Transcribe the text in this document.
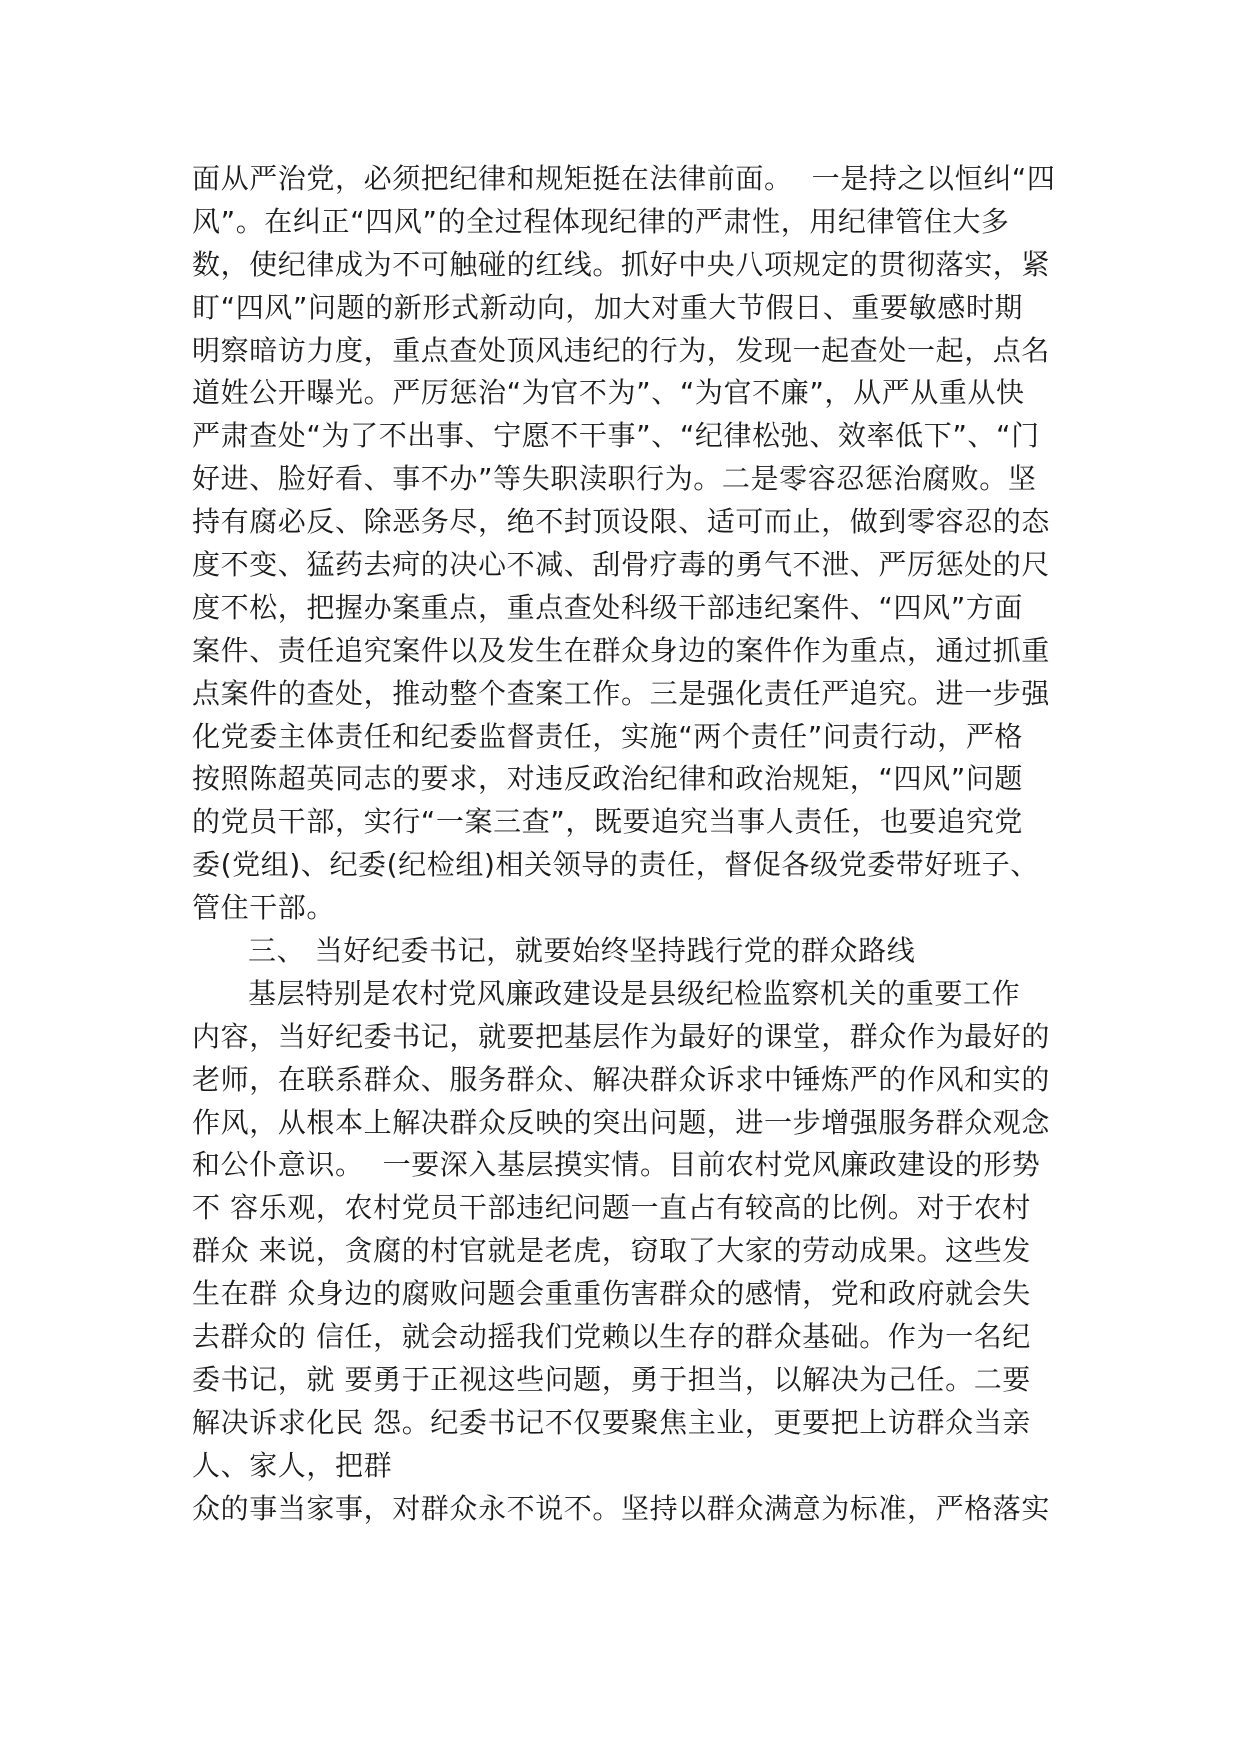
面从严治党，必须把纪律和规矩挺在法律前面。  一是持之以恒纠“四
风”。在纠正“四风”的全过程体现纪律的严肃性，用纪律管住大多
数，使纪律成为不可触碰的红线。抓好中央八项规定的贯彻落实，紧
盯“四风”问题的新形式新动向，加大对重大节假日、重要敏感时期
明察暗访力度，重点查处顶风违纪的行为，发现一起查处一起，点名
道姓公开曝光。严厉惩治“为官不为”、“为官不廉”，从严从重从快
严肃查处“为了不出事、宁愿不干事”、“纪律松弛、效率低下”、“门
好进、脸好看、事不办”等失职渎职行为。二是零容忍惩治腐败。坚
持有腐必反、除恶务尽，绝不封顶设限、适可而止，做到零容忍的态
度不变、猛药去疴的决心不减、刮骨疗毒的勇气不泄、严厉惩处的尺
度不松，把握办案重点，重点查处科级干部违纪案件、“四风”方面
案件、责任追究案件以及发生在群众身边的案件作为重点，通过抓重
点案件的查处，推动整个查案工作。三是强化责任严追究。进一步强
化党委主体责任和纪委监督责任，实施“两个责任”问责行动，严格
按照陈超英同志的要求，对违反政治纪律和政治规矩，“四风”问题
的党员干部，实行“一案三查”，既要追究当事人责任，也要追究党
委(党组)、纪委(纪检组)相关领导的责任，督促各级党委带好班子、
管住干部。
三、 当好纪委书记，就要始终坚持践行党的群众路线
基层特别是农村党风廉政建设是县级纪检监察机关的重要工作
内容，当好纪委书记，就要把基层作为最好的课堂，群众作为最好的
老师，在联系群众、服务群众、解决群众诉求中锤炼严的作风和实的
作风，从根本上解决群众反映的突出问题，进一步增强服务群众观念
和公仆意识。  一要深入基层摸实情。目前农村党风廉政建设的形势
不 容乐观，农村党员干部违纪问题一直占有较高的比例。对于农村
群众 来说，贪腐的村官就是老虎，窃取了大家的劳动成果。这些发
生在群 众身边的腐败问题会重重伤害群众的感情，党和政府就会失
去群众的 信任，就会动摇我们党赖以生存的群众基础。作为一名纪
委书记，就 要勇于正视这些问题，勇于担当，以解决为己任。二要
解决诉求化民 怨。纪委书记不仅要聚焦主业，更要把上访群众当亲
人、家人，把群
众的事当家事，对群众永不说不。坚持以群众满意为标准，严格落实
